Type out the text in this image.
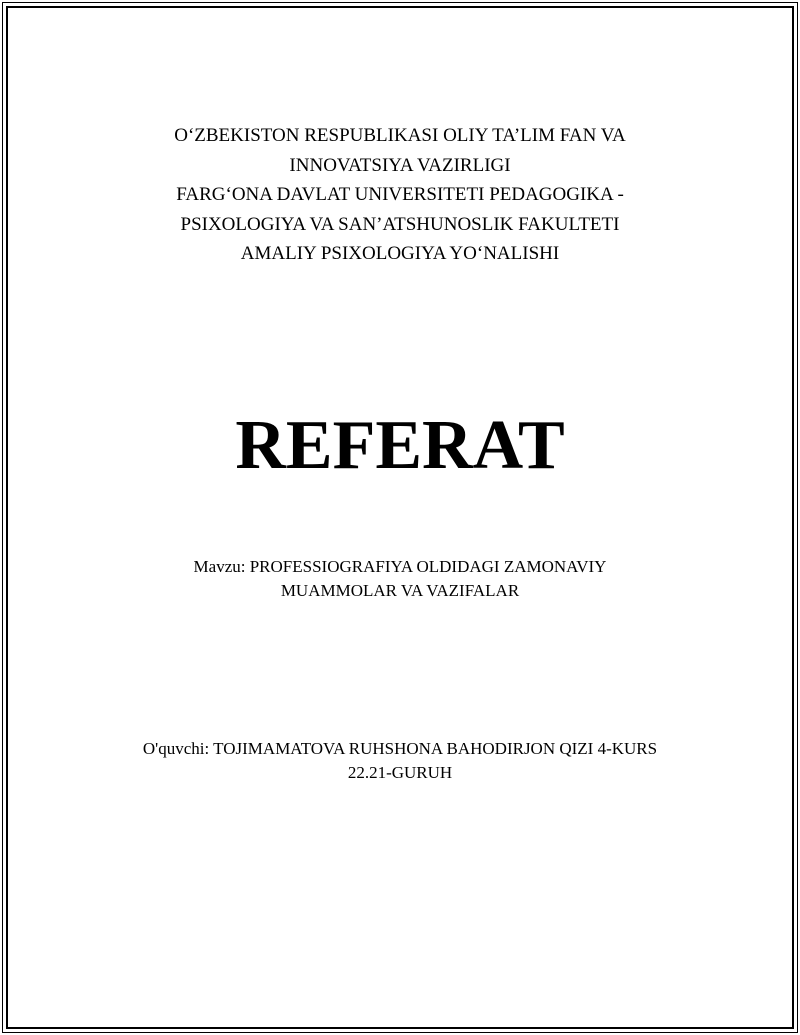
O‘ZBEKISTON RESPUBLIKASI OLIY TA’LIM FAN VA
INNOVATSIYA VAZIRLIGI
FARG‘ONA DAVLAT UNIVERSITETI PEDAGOGIKA -
PSIXOLOGIYA VA SAN’ATSHUNOSLIK FAKULTETI
AMALIY PSIXOLOGIYA YO‘NALISHI
REFERAT
Mavzu: PROFESSIOGRAFIYA OLDIDAGI ZAMONAVIY
MUAMMOLAR VA VAZIFALAR
O'quvchi: TOJIMAMATOVA RUHSHONA BAHODIRJON QIZI 4-KURS
22.21-GURUH
